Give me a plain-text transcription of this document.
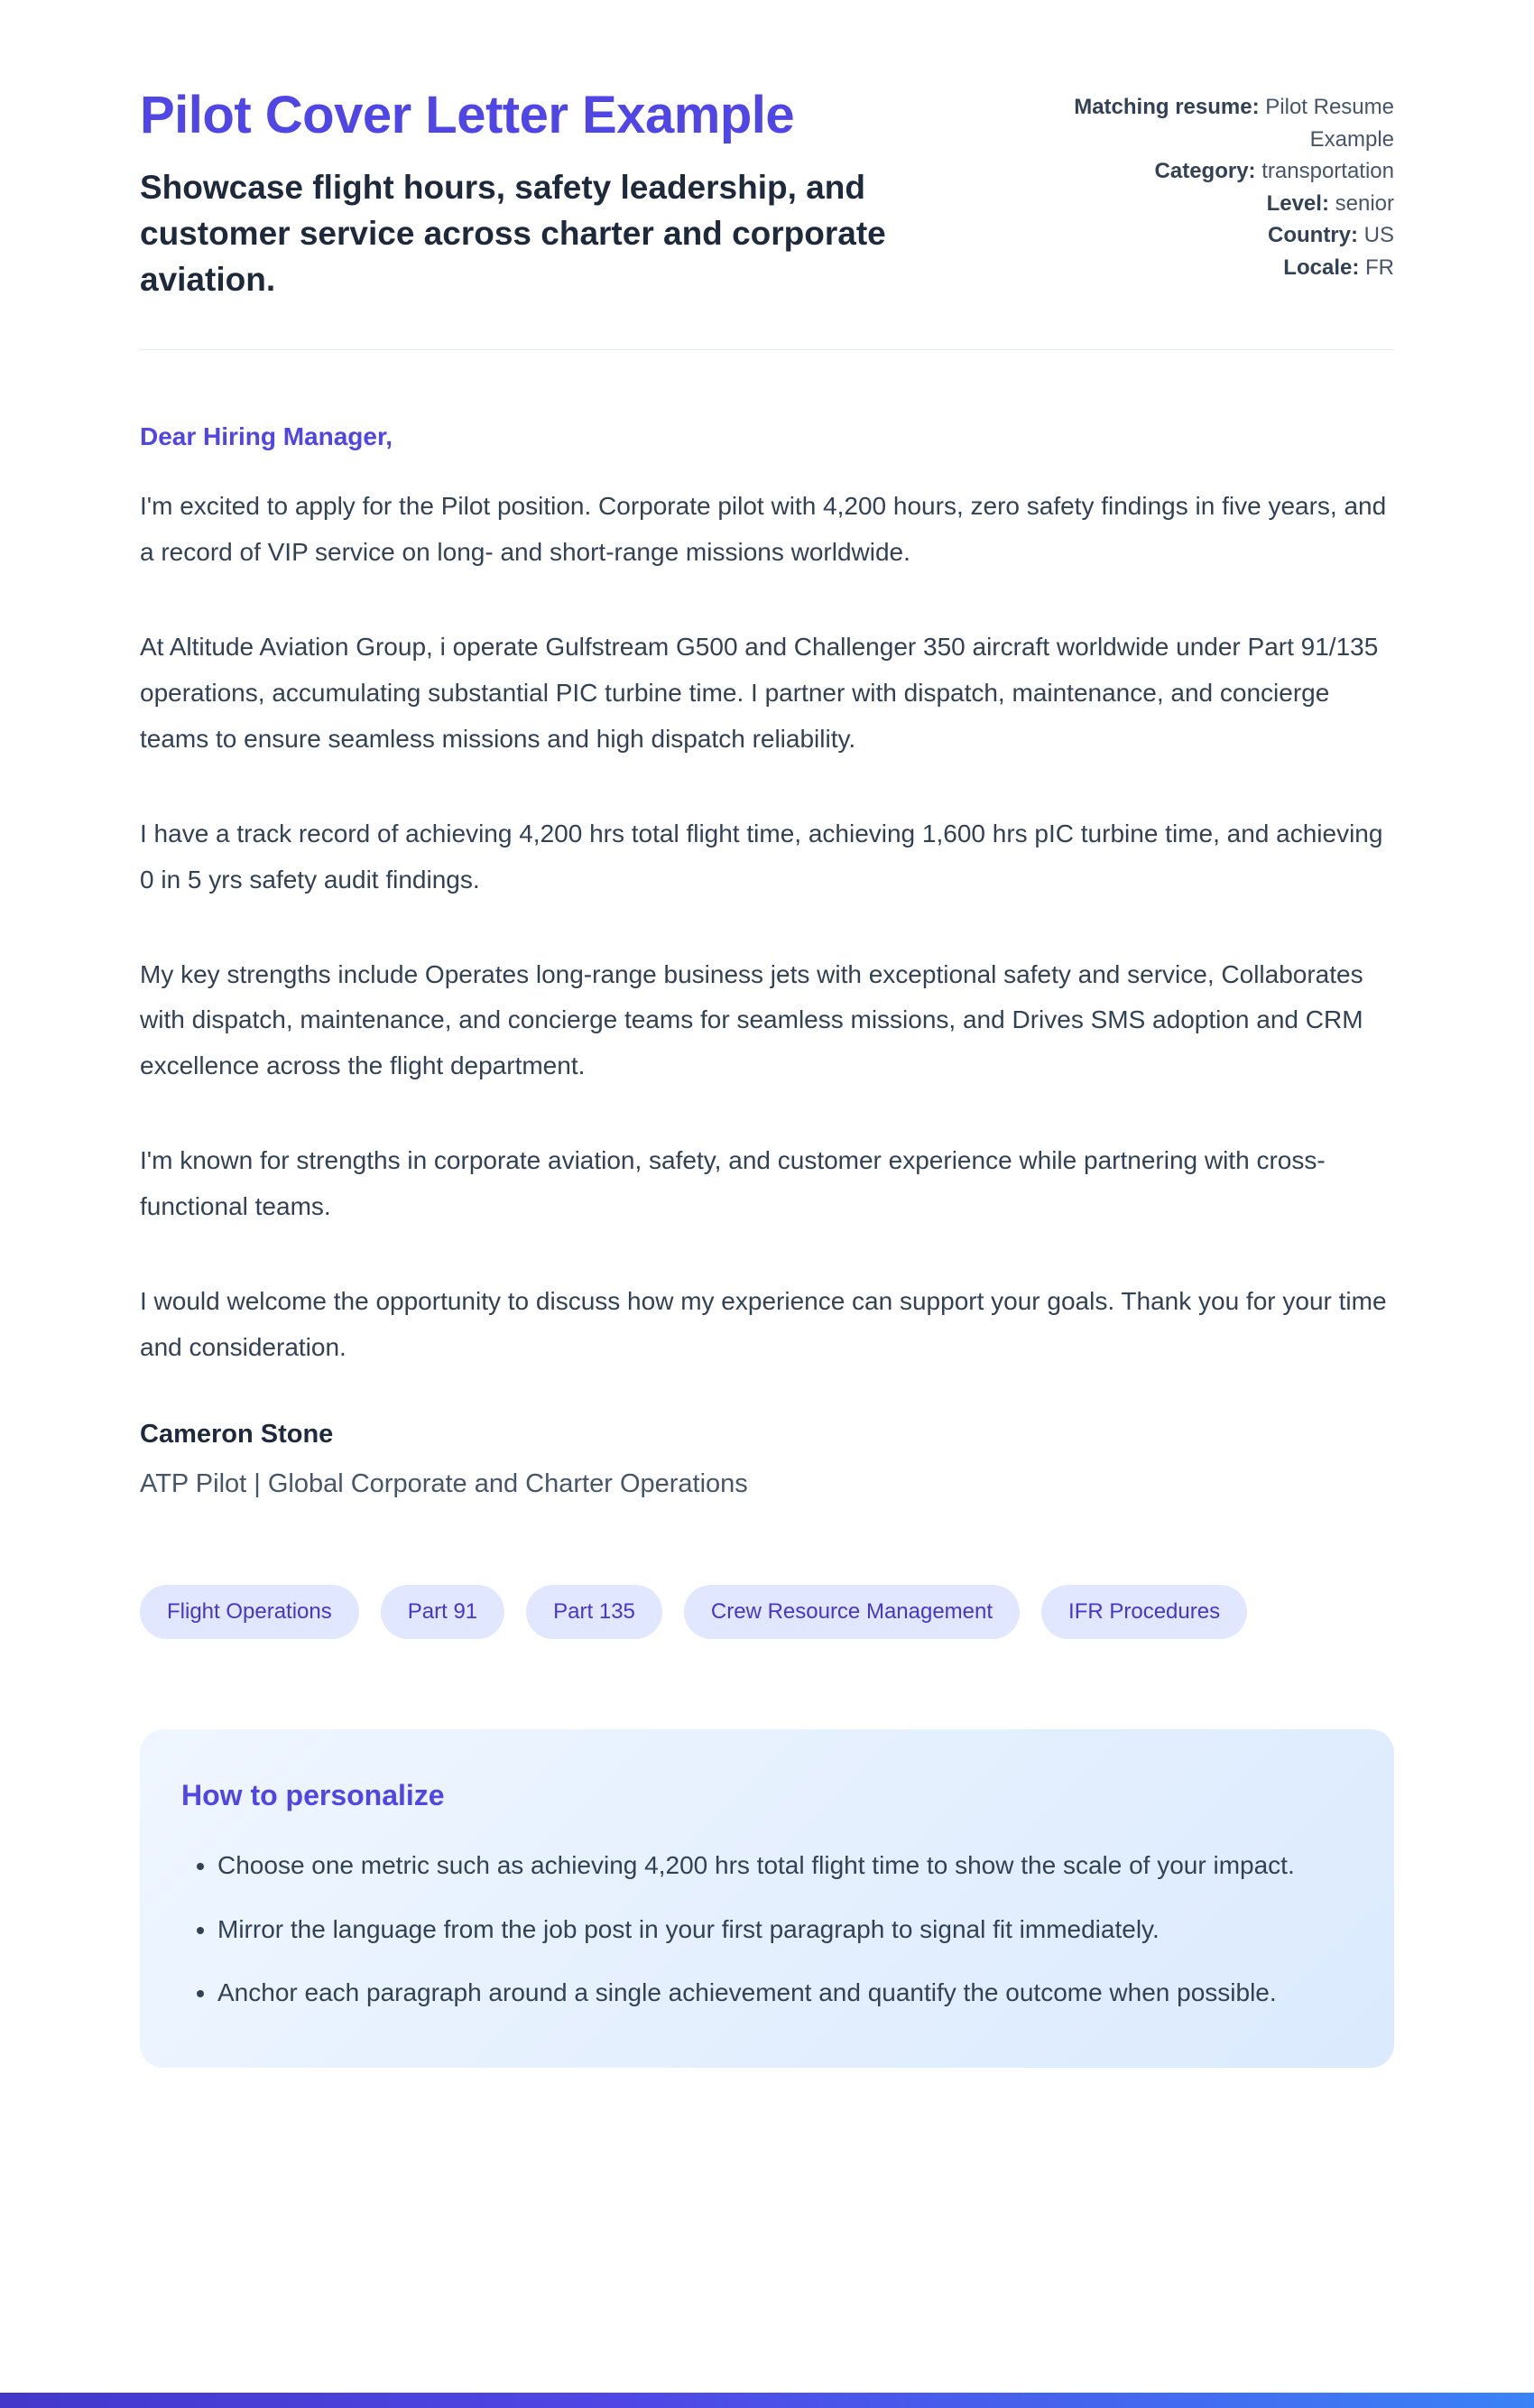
Pilot Cover Letter Example
Showcase flight hours, safety leadership, and customer service across charter and corporate aviation.
Matching resume: Pilot Resume Example
Category: transportation
Level: senior
Country: US
Locale: FR

Dear Hiring Manager,

I'm excited to apply for the Pilot position. Corporate pilot with 4,200 hours, zero safety findings in five years, and a record of VIP service on long- and short-range missions worldwide.

At Altitude Aviation Group, i operate Gulfstream G500 and Challenger 350 aircraft worldwide under Part 91/135 operations, accumulating substantial PIC turbine time. I partner with dispatch, maintenance, and concierge teams to ensure seamless missions and high dispatch reliability.

I have a track record of achieving 4,200 hrs total flight time, achieving 1,600 hrs pIC turbine time, and achieving 0 in 5 yrs safety audit findings.

My key strengths include Operates long-range business jets with exceptional safety and service, Collaborates with dispatch, maintenance, and concierge teams for seamless missions, and Drives SMS adoption and CRM excellence across the flight department.

I'm known for strengths in corporate aviation, safety, and customer experience while partnering with cross-functional teams.

I would welcome the opportunity to discuss how my experience can support your goals. Thank you for your time and consideration.

Cameron Stone

ATP Pilot | Global Corporate and Charter Operations

Flight Operations	Part 91	Part 135	Crew Resource Management	IFR Procedures
How to personalize
• Choose one metric such as achieving 4,200 hrs total flight time to show the scale of your impact.
• Mirror the language from the job post in your first paragraph to signal fit immediately.
• Anchor each paragraph around a single achievement and quantify the outcome when possible.
